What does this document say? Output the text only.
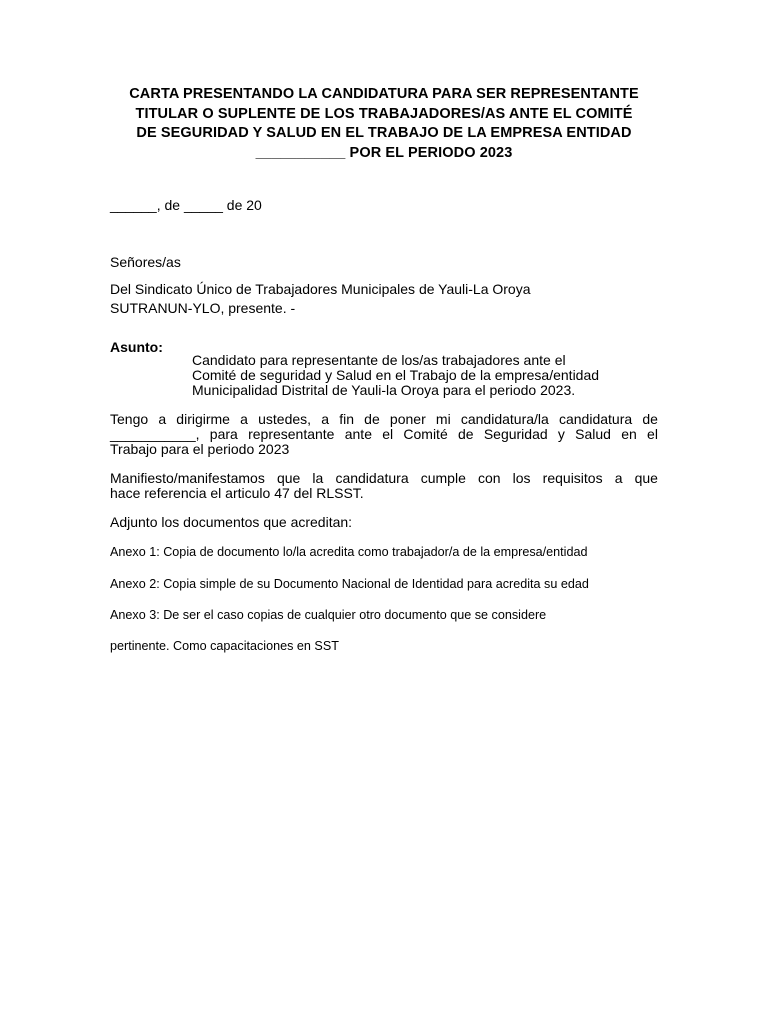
CARTA PRESENTANDO LA CANDIDATURA PARA SER REPRESENTANTE
TITULAR O SUPLENTE DE LOS TRABAJADORES/AS ANTE EL COMITÉ
DE SEGURIDAD Y SALUD EN EL TRABAJO DE LA EMPRESA ENTIDAD
___________ POR EL PERIODO 2023
______, de _____ de 20
Señores/as
Del Sindicato Único de Trabajadores Municipales de Yauli-La Oroya
SUTRANUN-YLO, presente. -
Asunto:
Candidato para representante de los/as trabajadores ante el
Comité de seguridad y Salud en el Trabajo de la empresa/entidad
Municipalidad Distrital de Yauli-la Oroya para el periodo 2023.
Tengo a dirigirme a ustedes, a fin de poner mi candidatura/la candidatura de
___________, para representante ante el Comité de Seguridad y Salud en el
Trabajo para el periodo 2023
Manifiesto/manifestamos que la candidatura cumple con los requisitos a que
hace referencia el articulo 47 del RLSST.
Adjunto los documentos que acreditan:
Anexo 1: Copia de documento lo/la acredita como trabajador/a de la empresa/entidad
Anexo 2: Copia simple de su Documento Nacional de Identidad para acredita su edad
Anexo 3: De ser el caso copias de cualquier otro documento que se considere
pertinente. Como capacitaciones en SST
